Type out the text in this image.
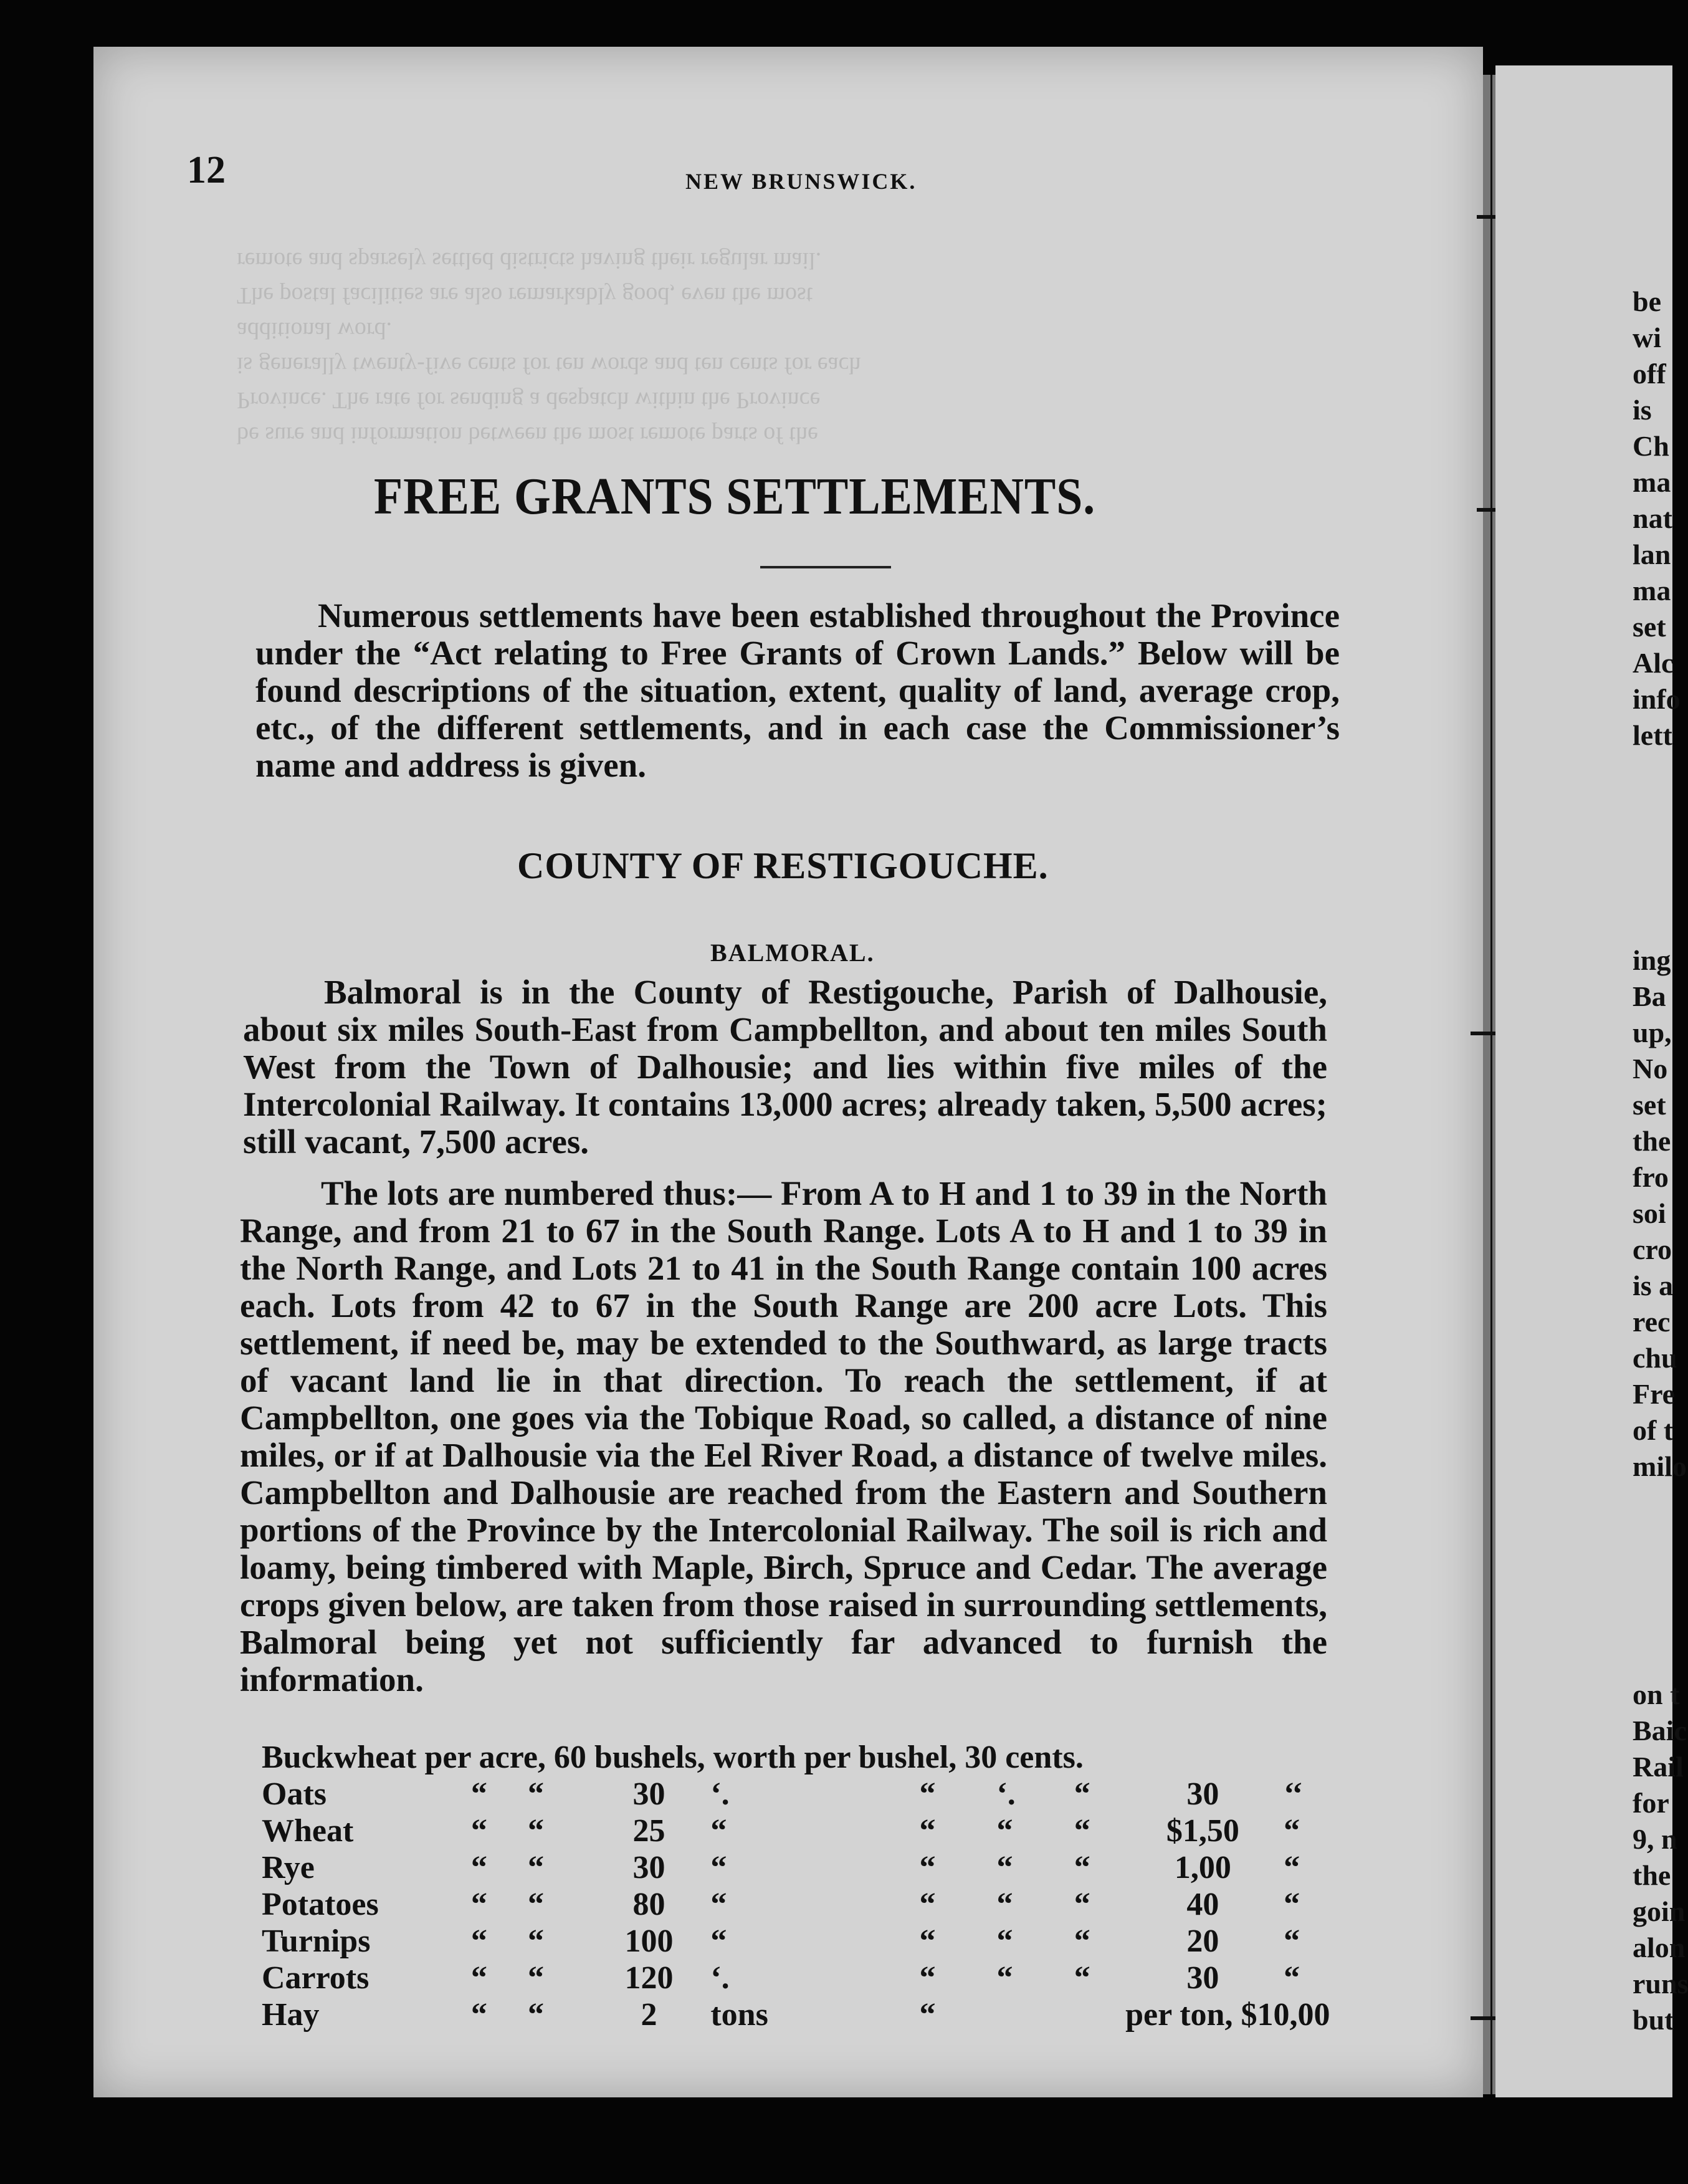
be sure and information between the most remote parts of the
Province. The rate for sending a despatch within the Province
is generally twenty-five cents for ten words and ten cents for each
additional word.
The postal facilities are also remarkably good, even the most
remote and sparsely settled districts having their regular mail.
12	NEW BRUNSWICK.
FREE GRANTS SETTLEMENTS.

Numerous settlements have been established throughout the Province under the “Act relating to Free Grants of Crown Lands.” Below will be found descriptions of the situation, extent, quality of land, average crop, etc., of the different settlements, and in each case the Commissioner’s name and address is given.

COUNTY OF RESTIGOUCHE.
BALMORAL.

Balmoral is in the County of Restigouche, Parish of Dalhousie, about six miles South-East from Campbellton, and about ten miles South West from the Town of Dalhousie; and lies within five miles of the Intercolonial Railway. It contains 13,000 acres; already taken, 5,500 acres; still vacant, 7,500 acres.

The lots are numbered thus:— From A to H and 1 to 39 in the North Range, and from 21 to 67 in the South Range. Lots A to H and 1 to 39 in the North Range, and Lots 21 to 41 in the South Range contain 100 acres each. Lots from 42 to 67 in the South Range are 200 acre Lots. This settlement, if need be, may be extended to the Southward, as large tracts of vacant land lie in that direction. To reach the settlement, if at Campbellton, one goes via the Tobique Road, so called, a distance of nine miles, or if at Dalhousie via the Eel River Road, a distance of twelve miles. Campbellton and Dalhousie are reached from the Eastern and Southern portions of the Province by the Intercolonial Railway. The soil is rich and loamy, being timbered with Maple, Birch, Spruce and Cedar. The average crops given below, are taken from those raised in surrounding settlements, Balmoral being yet not sufficiently far advanced to furnish the information.

Buckwheat per acre, 60 bushels, worth per bushel, 30 cents.									
Oats	“	“	30	‘.	“	‘.	“	30	‘‘
Wheat	“	“	25	“	“	“	“	$1,50	“
Rye	“	“	30	“	“	“	“	1,00	“
Potatoes	“	“	80	“	“	“	“	40	“
Turnips	“	“	100	“	“	“	“	20	“
Carrots	“	“	120	‘.	“	“	“	30	“
Hay	“	“	2	tons	“			per ton, $10,00	
be
wi
off
is
Ch
ma
nat
lan
ma
set
Alc
info
lett
ing
Ba
up,
No
set
the
fro
soi
cro
is a
rec
chu
Fre
of t
milo
on t
Baic
Rail
for
9, n
the
goin
alon
runs
but
